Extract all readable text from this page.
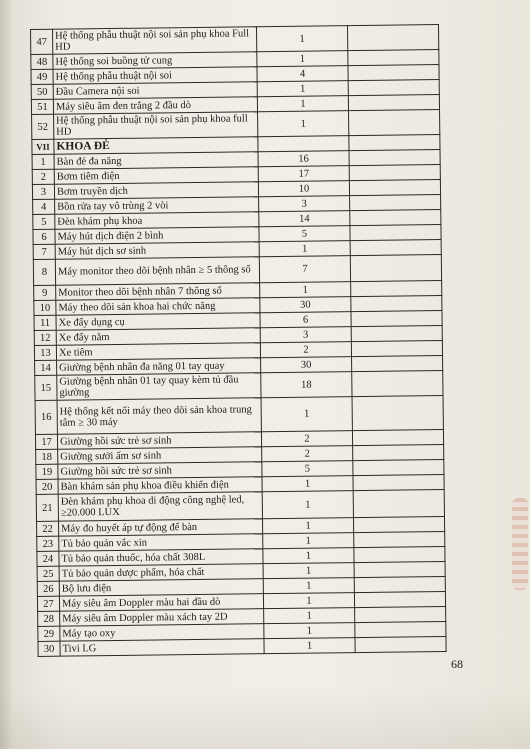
47	Hệ thống phẫu thuật nội soi sản phụ khoa Full HD	1	
48	Hệ thống soi buồng tử cung	1	
49	Hệ thống phẫu thuật nội soi	4	
50	Đầu Camera nội soi	1	
51	Máy siêu âm đen trắng 2 đầu dò	1	
52	Hệ thống phẫu thuật nội soi sản phụ khoa full HD	1	
VII	KHOA ĐẺ		
1	Bàn đẻ đa năng	16	
2	Bơm tiêm điện	17	
3	Bơm truyền dịch	10	
4	Bồn rửa tay vô trùng 2 vòi	3	
5	Đèn khám phụ khoa	14	
6	Máy hút dịch điện 2 bình	5	
7	Máy hút dịch sơ sinh	1	
8	Máy monitor theo dõi bệnh nhân ≥ 5 thông số	7	
9	Monitor theo dõi bệnh nhân 7 thông số	1	
10	Máy theo dõi sản khoa hai chức năng	30	
11	Xe đẩy dụng cụ	6	
12	Xe đẩy nằm	3	
13	Xe tiêm	2	
14	Giường bệnh nhân đa năng 01 tay quay	30	
15	Giường bệnh nhân 01 tay quay kèm tủ đầu giường	18	
16	Hệ thống kết nối máy theo dõi sản khoa trung tâm ≥ 30 máy	1	
17	Giường hồi sức trẻ sơ sinh	2	
18	Giường sưởi ấm sơ sinh	2	
19	Giường hồi sức trẻ sơ sinh	5	
20	Bàn khám sản phụ khoa điều khiển điện	1	
21	Đèn khám phụ khoa di động công nghệ led, ≥20.000 LUX	1	
22	Máy đo huyết áp tự động để bàn	1	
23	Tủ bảo quản vắc xin	1	
24	Tủ bảo quản thuốc, hóa chất 308L	1	
25	Tủ bảo quản dược phẩm, hóa chất	1	
26	Bộ lưu điện	1	
27	Máy siêu âm Doppler màu hai đầu dò	1	
28	Máy siêu âm Doppler màu xách tay 2D	1	
29	Máy tạo oxy	1	
30	Tivi LG	1	
68
